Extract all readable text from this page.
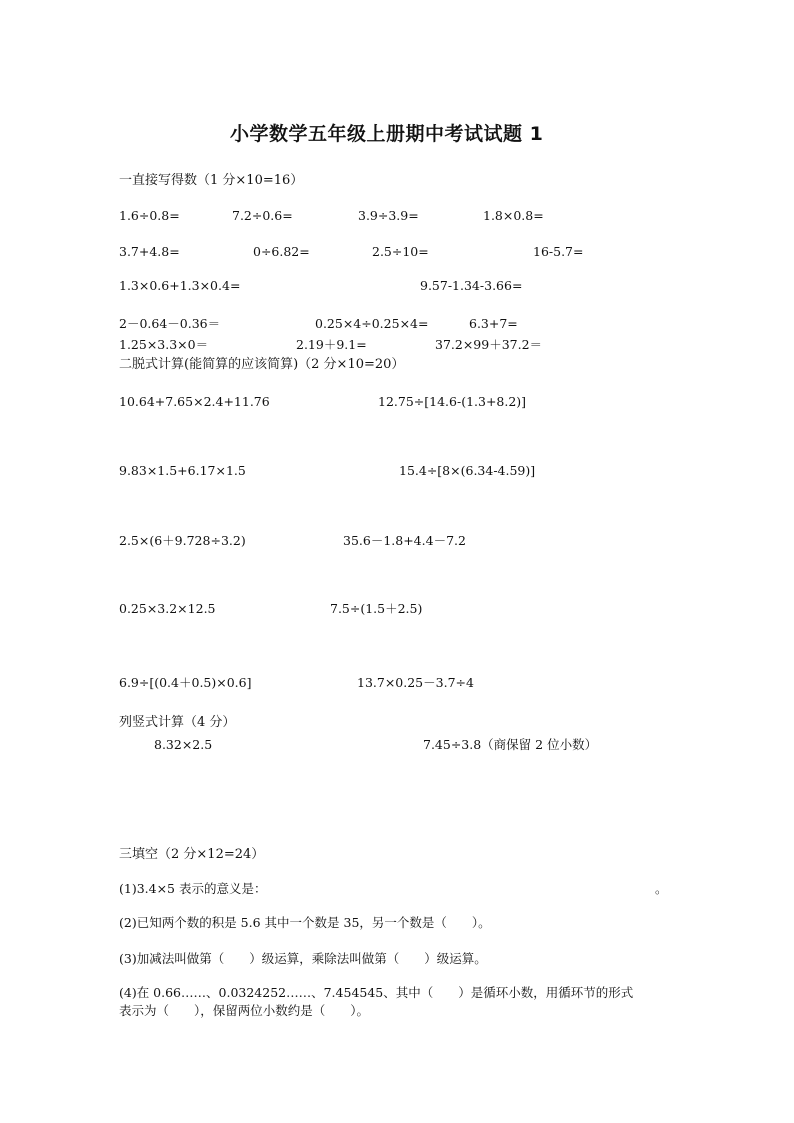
小学数学五年级上册期中考试试题 1
一直接写得数（1 分×10=16）
1.6÷0.8=	7.2÷0.6=	3.9÷3.9=	1.8×0.8=
3.7+4.8=	0÷6.82=	2.5÷10=	16-5.7=
1.3×0.6+1.3×0.4=	9.57-1.34-3.66=
2－0.64－0.36＝	0.25×4÷0.25×4=	6.3+7=
1.25×3.3×0＝	2.19＋9.1=	37.2×99＋37.2＝
二脱式计算(能简算的应该简算)（2 分×10=20）
10.64+7.65×2.4+11.76	12.75÷[14.6-(1.3+8.2)]
9.83×1.5+6.17×1.5	15.4÷[8×(6.34-4.59)]
2.5×(6＋9.728÷3.2)	35.6－1.8+4.4－7.2
0.25×3.2×12.5	7.5÷(1.5＋2.5)
6.9÷[(0.4＋0.5)×0.6]	13.7×0.25－3.7÷4
列竖式计算（4 分）
8.32×2.5	7.45÷3.8（商保留 2 位小数）
三填空（2 分×12=24）
(1)3.4×5 表示的意义是：	。
(2)已知两个数的积是 5.6 其中一个数是 35，另一个数是（　　）。
(3)加减法叫做第（　　）级运算，乘除法叫做第（　　）级运算。
(4)在 0.66……、0.0324252……、7.454545、其中（　　）是循环小数，用循环节的形式
表示为（　　），保留两位小数约是（　　）。
